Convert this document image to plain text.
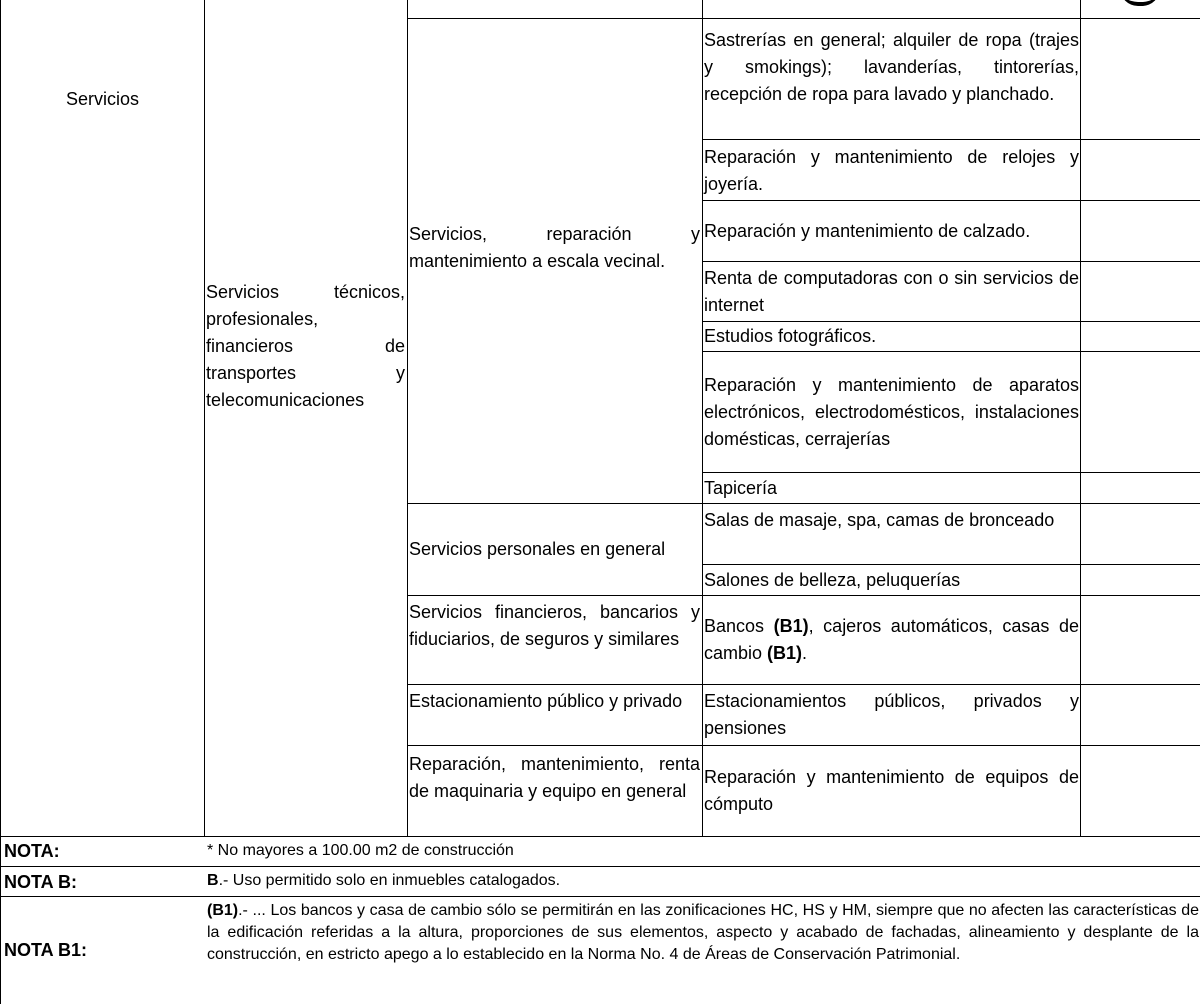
Servicios
Servicios técnicos, profesionales, financieros de transportes y telecomunicaciones
Servicios, reparación y mantenimiento a escala vecinal.
Servicios personales en general
Servicios financieros, bancarios y fiduciarios, de seguros y similares
Estacionamiento público y privado
Reparación, mantenimiento, renta de maquinaria y equipo en general
Sastrerías en general; alquiler de ropa (trajes y smokings); lavanderías, tintorerías, recepción de ropa para lavado y planchado.
Reparación y mantenimiento de relojes y joyería.
Reparación y mantenimiento de calzado.
Renta de computadoras con o sin servicios de internet
Estudios fotográficos.
Reparación y mantenimiento de aparatos electrónicos, electrodomésticos, instalaciones domésticas, cerrajerías
Tapicería
Salas de masaje, spa, camas de bronceado
Salones de belleza, peluquerías
Bancos (B1), cajeros automáticos, casas de cambio (B1).
Estacionamientos públicos, privados y pensiones
Reparación y mantenimiento de equipos de cómputo
NOTA:	* No mayores a 100.00 m2 de construcción
NOTA B:	B.- Uso permitido solo en inmuebles catalogados.
NOTA B1:
(B1).- ... Los bancos y casa de cambio sólo se permitirán en las zonificaciones HC, HS y HM, siempre que no afecten las características de la edificación referidas a la altura, proporciones de sus elementos, aspecto y acabado de fachadas, alineamiento y desplante de la construcción, en estricto apego a lo establecido en la Norma No. 4 de Áreas de Conservación Patrimonial.
